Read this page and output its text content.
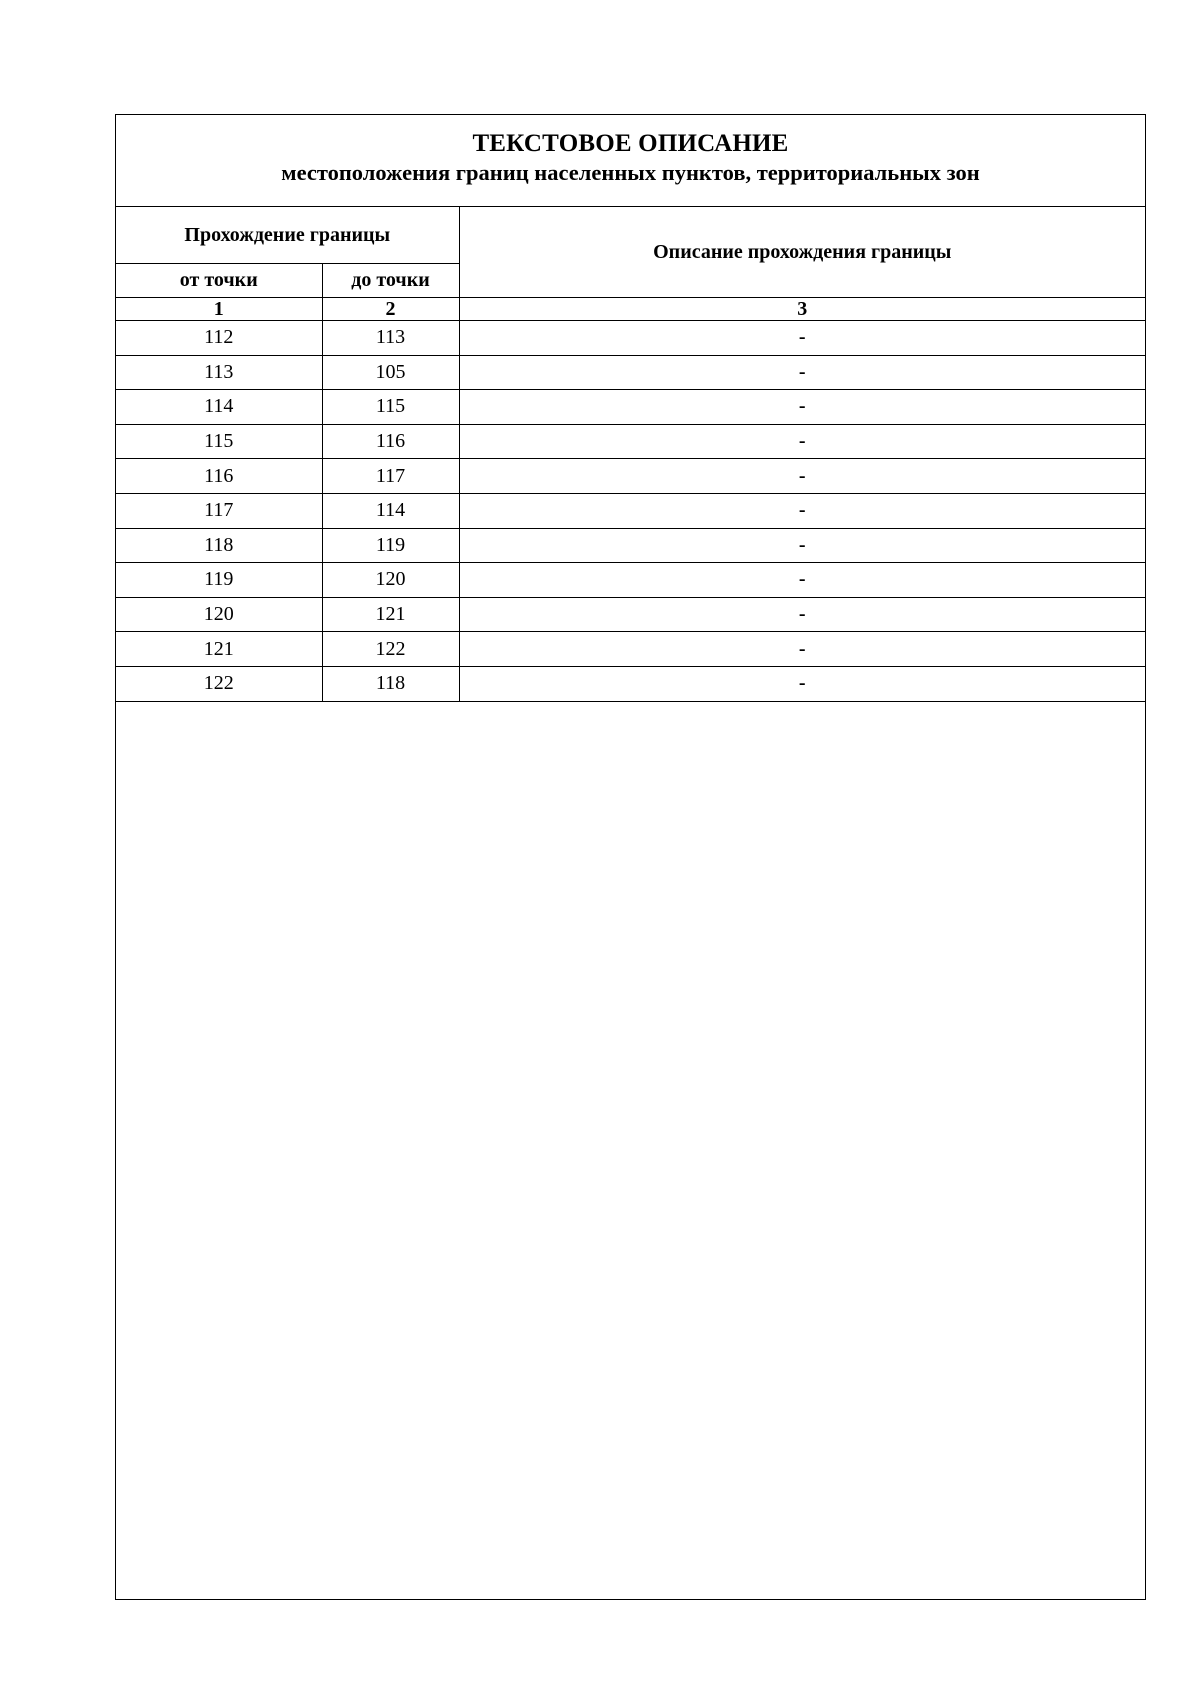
ТЕКСТОВОЕ ОПИСАНИЕ
местоположения границ населенных пунктов, территориальных зон
Прохождение границы		Описание прохождения границы
от точки	до точки	
1	2	3
112	113	-
113	105	-
114	115	-
115	116	-
116	117	-
117	114	-
118	119	-
119	120	-
120	121	-
121	122	-
122	118	-
